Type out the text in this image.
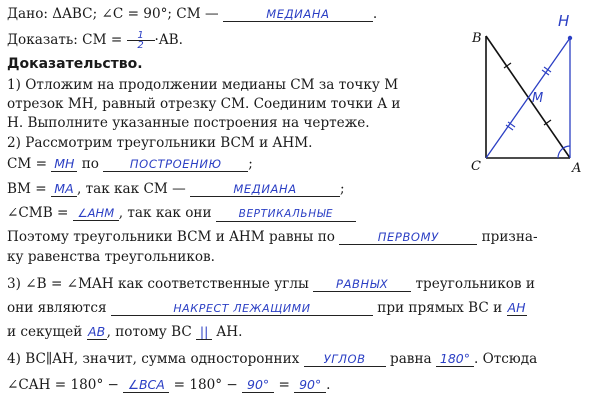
Дано: ΔABC; ∠C = 90°; CM —	МЕДИАНА	.
Доказать: CM = $\frac{1}{2} \cdot AB$.
Доказательство.
1) Отложим на продолжении медианы CM за точку M
отрезок MH, равный отрезку CM. Соединим точки A и
H. Выполните указанные построения на чертеже.
2) Рассмотрим треугольники BCM и AHM.
CM = MH по	ПОСТРОЕНИЮ ;
BM = MA , так как CM —	МЕДИАНА	;
∠CMB = ∠AHM , так как они	ВЕРТИКАЛЬНЫЕ
Поэтому треугольники BCM и AHM равны по	ПЕРВОМУ	призна-
ку равенства треугольников.
3) ∠B = ∠MAH как соответственные углы РАВНЫХ треугольников и
они являются	НАКРЕСТ ЛЕЖАЩИМИ	при прямых BC и AH
и секущей AB, потому BC || AH.
4) BC∥AH, значит, сумма односторонних УГЛОВ равна 180° . Отсюда
∠CAH = 180° − ∠BCA = 180° − 90° = 90° .
B
C	A
M
H
